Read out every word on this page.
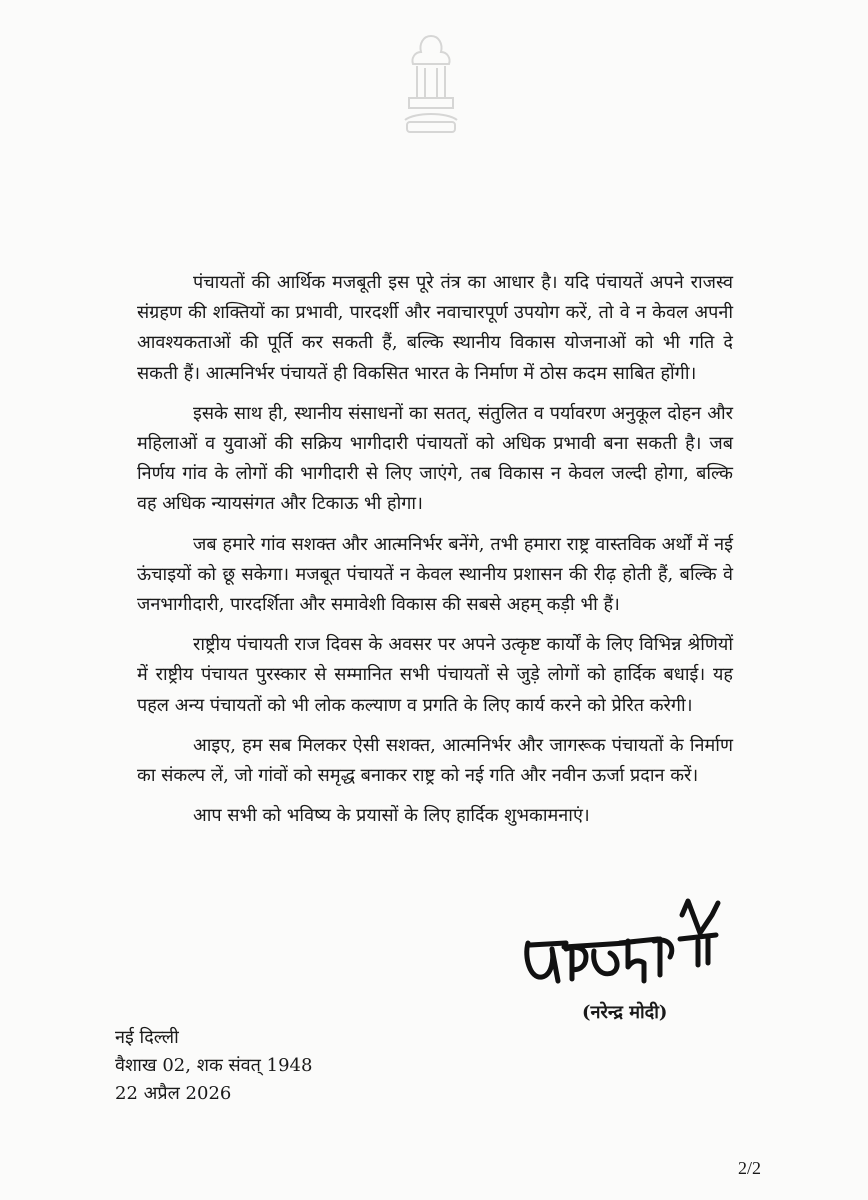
पंचायतों की आर्थिक मजबूती इस पूरे तंत्र का आधार है। यदि पंचायतें अपने राजस्व संग्रहण की शक्तियों का प्रभावी, पारदर्शी और नवाचारपूर्ण उपयोग करें, तो वे न केवल अपनी आवश्यकताओं की पूर्ति कर सकती हैं, बल्कि स्थानीय विकास योजनाओं को भी गति दे सकती हैं। आत्मनिर्भर पंचायतें ही विकसित भारत के निर्माण में ठोस कदम साबित होंगी।

इसके साथ ही, स्थानीय संसाधनों का सतत्, संतुलित व पर्यावरण अनुकूल दोहन और महिलाओं व युवाओं की सक्रिय भागीदारी पंचायतों को अधिक प्रभावी बना सकती है। जब निर्णय गांव के लोगों की भागीदारी से लिए जाएंगे, तब विकास न केवल जल्दी होगा, बल्कि वह अधिक न्यायसंगत और टिकाऊ भी होगा।

जब हमारे गांव सशक्त और आत्मनिर्भर बनेंगे, तभी हमारा राष्ट्र वास्तविक अर्थों में नई ऊंचाइयों को छू सकेगा। मजबूत पंचायतें न केवल स्थानीय प्रशासन की रीढ़ होती हैं, बल्कि वे जनभागीदारी, पारदर्शिता और समावेशी विकास की सबसे अहम् कड़ी भी हैं।

राष्ट्रीय पंचायती राज दिवस के अवसर पर अपने उत्कृष्ट कार्यों के लिए विभिन्न श्रेणियों में राष्ट्रीय पंचायत पुरस्कार से सम्मानित सभी पंचायतों से जुड़े लोगों को हार्दिक बधाई। यह पहल अन्य पंचायतों को भी लोक कल्याण व प्रगति के लिए कार्य करने को प्रेरित करेगी।

आइए, हम सब मिलकर ऐसी सशक्त, आत्मनिर्भर और जागरूक पंचायतों के निर्माण का संकल्प लें, जो गांवों को समृद्ध बनाकर राष्ट्र को नई गति और नवीन ऊर्जा प्रदान करें।

आप सभी को भविष्य के प्रयासों के लिए हार्दिक शुभकामनाएं।

(नरेन्द्र मोदी)
नई दिल्ली
वैशाख 02, शक संवत् 1948
22 अप्रैल 2026
2/2
